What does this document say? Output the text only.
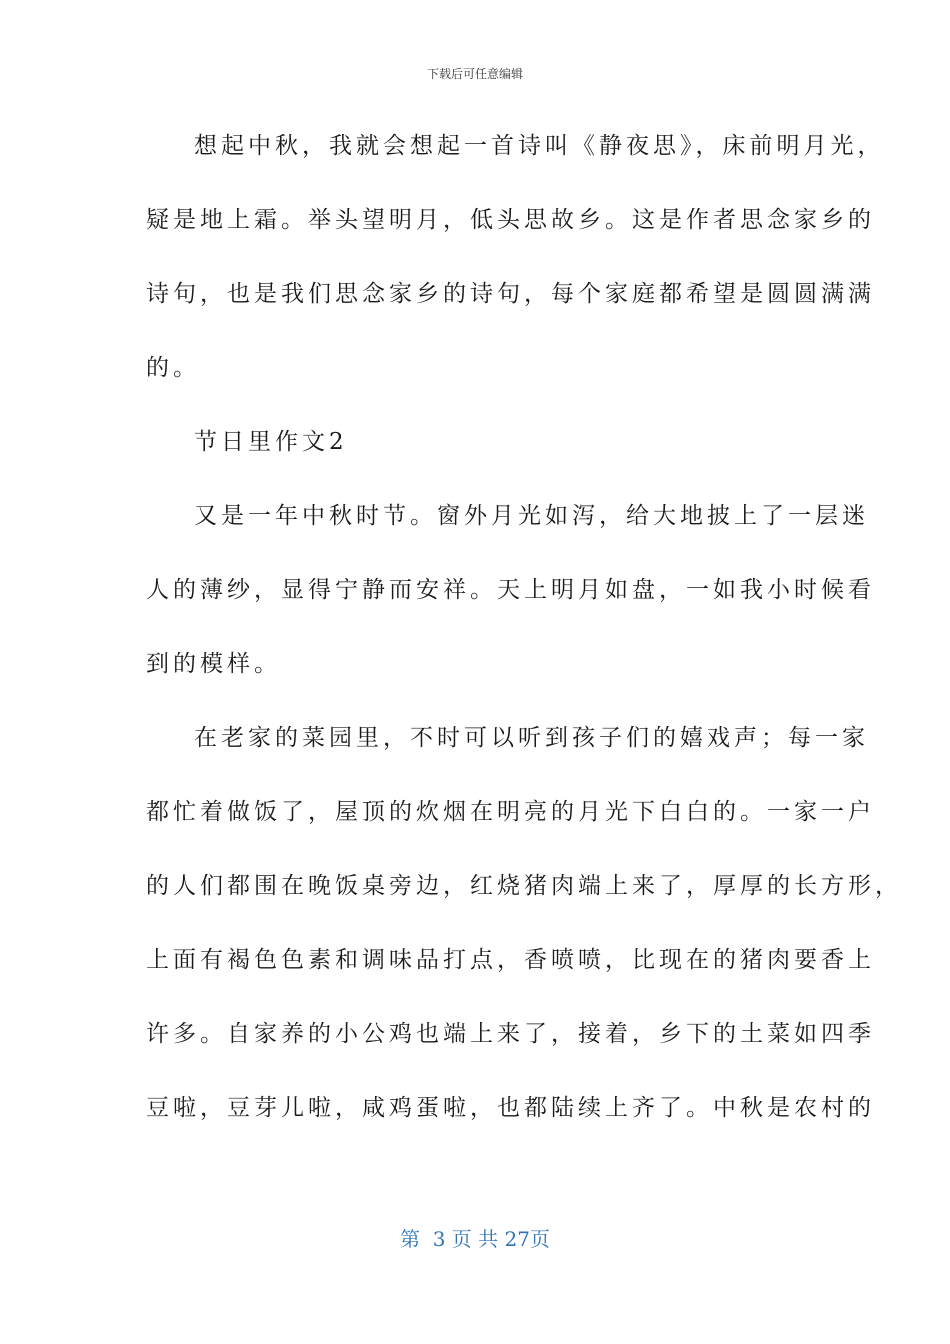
下载后可任意编辑
想起中秋，我就会想起一首诗叫《静夜思》，床前明月光，
疑是地上霜。举头望明月，低头思故乡。这是作者思念家乡的
诗句，也是我们思念家乡的诗句，每个家庭都希望是圆圆满满
的。
节日里作文2
又是一年中秋时节。窗外月光如泻，给大地披上了一层迷
人的薄纱，显得宁静而安祥。天上明月如盘，一如我小时候看
到的模样。
在老家的菜园里，不时可以听到孩子们的嬉戏声；每一家
都忙着做饭了，屋顶的炊烟在明亮的月光下白白的。一家一户
的人们都围在晚饭桌旁边，红烧猪肉端上来了，厚厚的长方形，
上面有褐色色素和调味品打点，香喷喷，比现在的猪肉要香上
许多。自家养的小公鸡也端上来了，接着，乡下的土菜如四季
豆啦，豆芽儿啦，咸鸡蛋啦，也都陆续上齐了。中秋是农村的
第  3 页 共 27页
